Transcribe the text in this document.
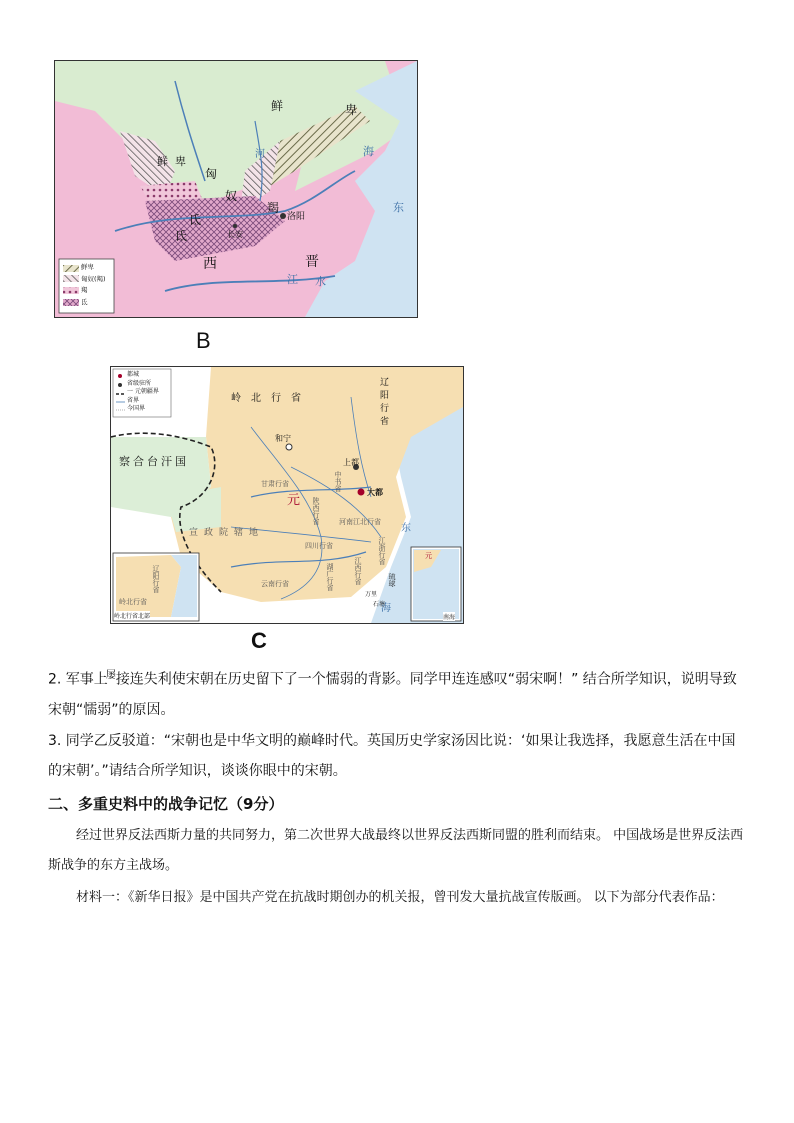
鲜	卑
鲜 卑
匈
奴
羯
氐
氐
洛阳
长安
西	晋
江 水
东
海
河
鲜卑
匈奴(羯)
羯
氐
B
都城
省级驻所
一 元朝疆界
省界
今国界
岭北行省	辽阳行省
和宁
察合台汗国	上都
大都
元
中书省
甘肃行省
宣政院辖地
陕西行省	河南江北行省
四川行省
湖广行省	江西行省
江浙行省
云南行省	琉球
东
海
万里
石塘
辽阳行省
岭北行省
岭北行省北部
元
南海
C
2. 军事上$^屡$接连失利使宋朝在历史留下了一个懦弱的背影。同学甲连连感叹“弱宋啊！” 结合所学知识，说明导致宋朝“懦弱”的原因。
3. 同学乙反驳道：“宋朝也是中华文明的巅峰时代。英国历史学家汤因比说：‘如果让我选择，我愿意生活在中国的宋朝’。”请结合所学知识，谈谈你眼中的宋朝。
二、多重史料中的战争记忆（9分）
经过世界反法西斯力量的共同努力，第二次世界大战最终以世界反法西斯同盟的胜利而结束。 中国战场是世界反法西斯战争的东方主战场。
材料一：《新华日报》是中国共产党在抗战时期创办的机关报，曾刊发大量抗战宣传版画。 以下为部分代表作品：
